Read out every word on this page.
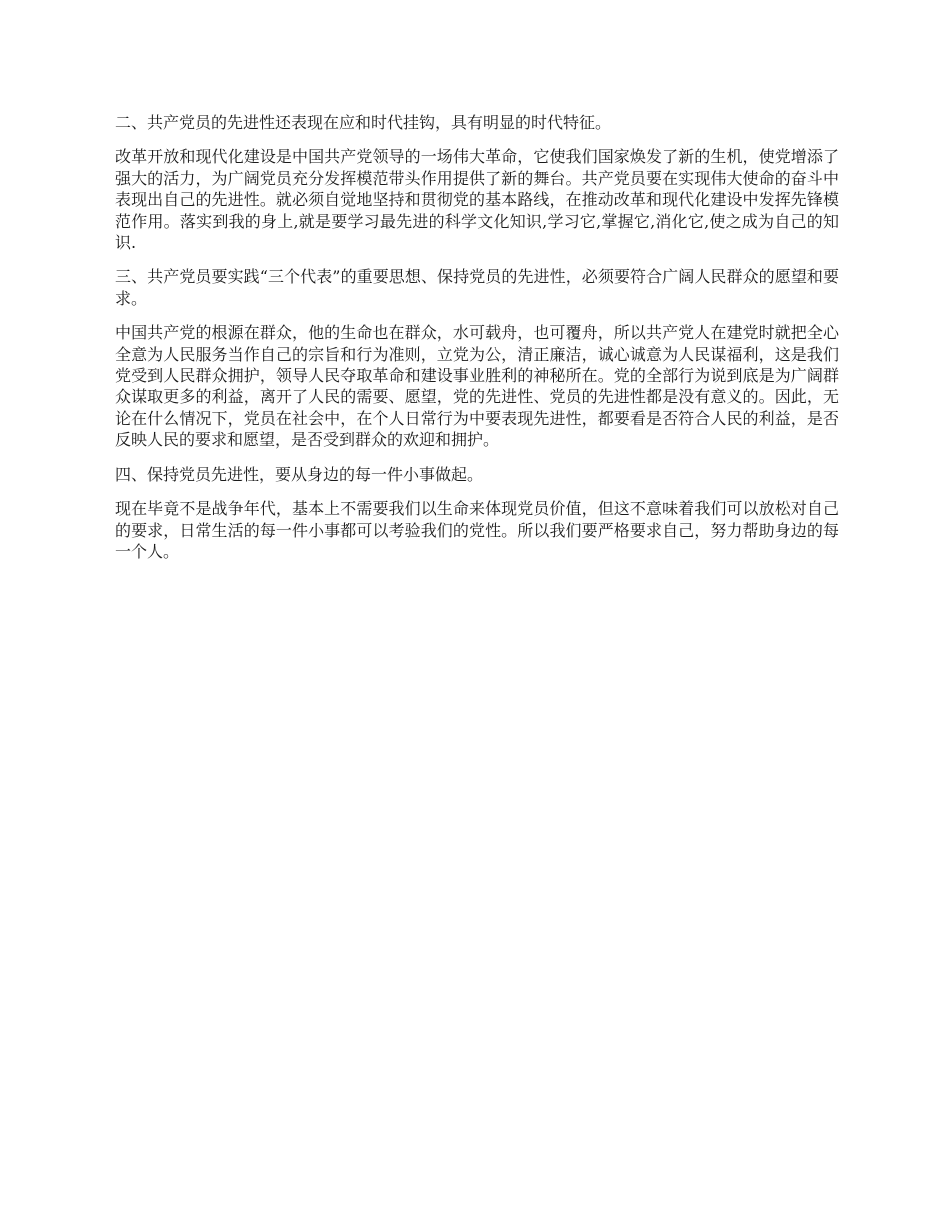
二、共产党员的先进性还表现在应和时代挂钩，具有明显的时代特征。

改革开放和现代化建设是中国共产党领导的一场伟大革命，它使我们国家焕发了新的生机，使党增添了强大的活力，为广阔党员充分发挥模范带头作用提供了新的舞台。共产党员要在实现伟大使命的奋斗中表现出自己的先进性。就必须自觉地坚持和贯彻党的基本路线，在推动改革和现代化建设中发挥先锋模范作用。落实到我的身上,就是要学习最先进的科学文化知识,学习它,掌握它,消化它,使之成为自己的知识.

三、共产党员要实践“三个代表”的重要思想、保持党员的先进性，必须要符合广阔人民群众的愿望和要求。

中国共产党的根源在群众，他的生命也在群众，水可载舟，也可覆舟，所以共产党人在建党时就把全心全意为人民服务当作自己的宗旨和行为准则，立党为公，清正廉洁，诚心诚意为人民谋福利，这是我们党受到人民群众拥护，领导人民夺取革命和建设事业胜利的神秘所在。党的全部行为说到底是为广阔群众谋取更多的利益，离开了人民的需要、愿望，党的先进性、党员的先进性都是没有意义的。因此，无论在什么情况下，党员在社会中，在个人日常行为中要表现先进性，都要看是否符合人民的利益，是否反映人民的要求和愿望，是否受到群众的欢迎和拥护。

四、保持党员先进性，要从身边的每一件小事做起。

现在毕竟不是战争年代，基本上不需要我们以生命来体现党员价值，但这不意味着我们可以放松对自己的要求，日常生活的每一件小事都可以考验我们的党性。所以我们要严格要求自己，努力帮助身边的每一个人。
